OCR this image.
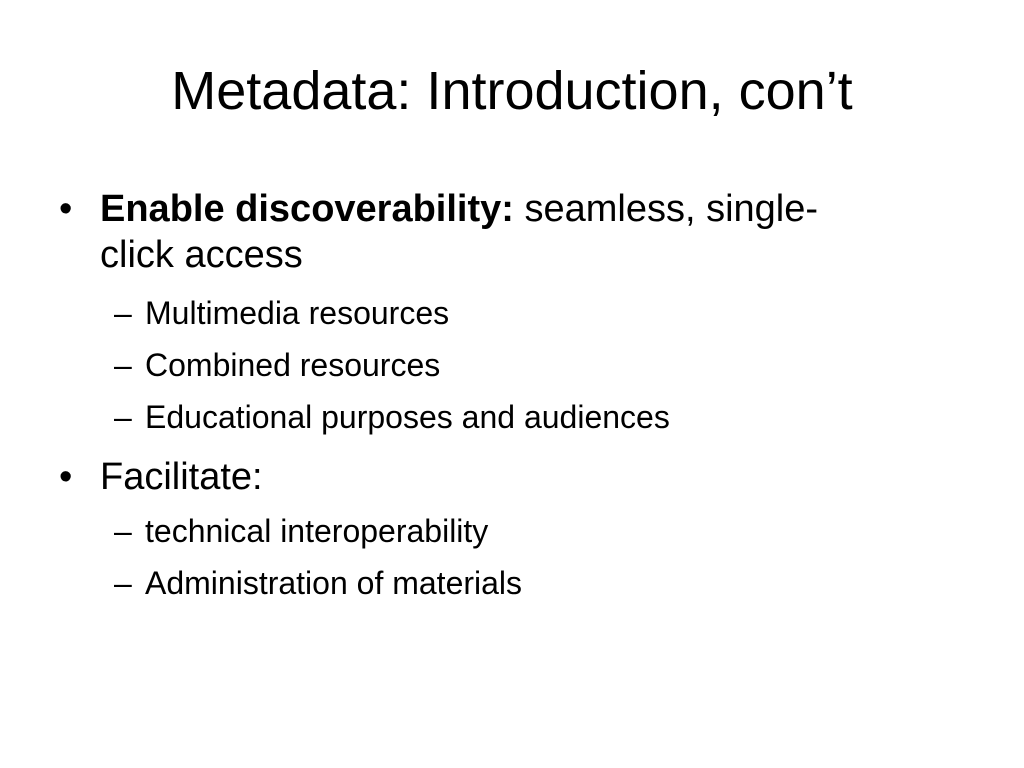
Metadata: Introduction, con’t
• Enable discoverability: seamless, single-
click access
– Multimedia resources
– Combined resources
– Educational purposes and audiences
• Facilitate:
– technical interoperability
– Administration of materials
